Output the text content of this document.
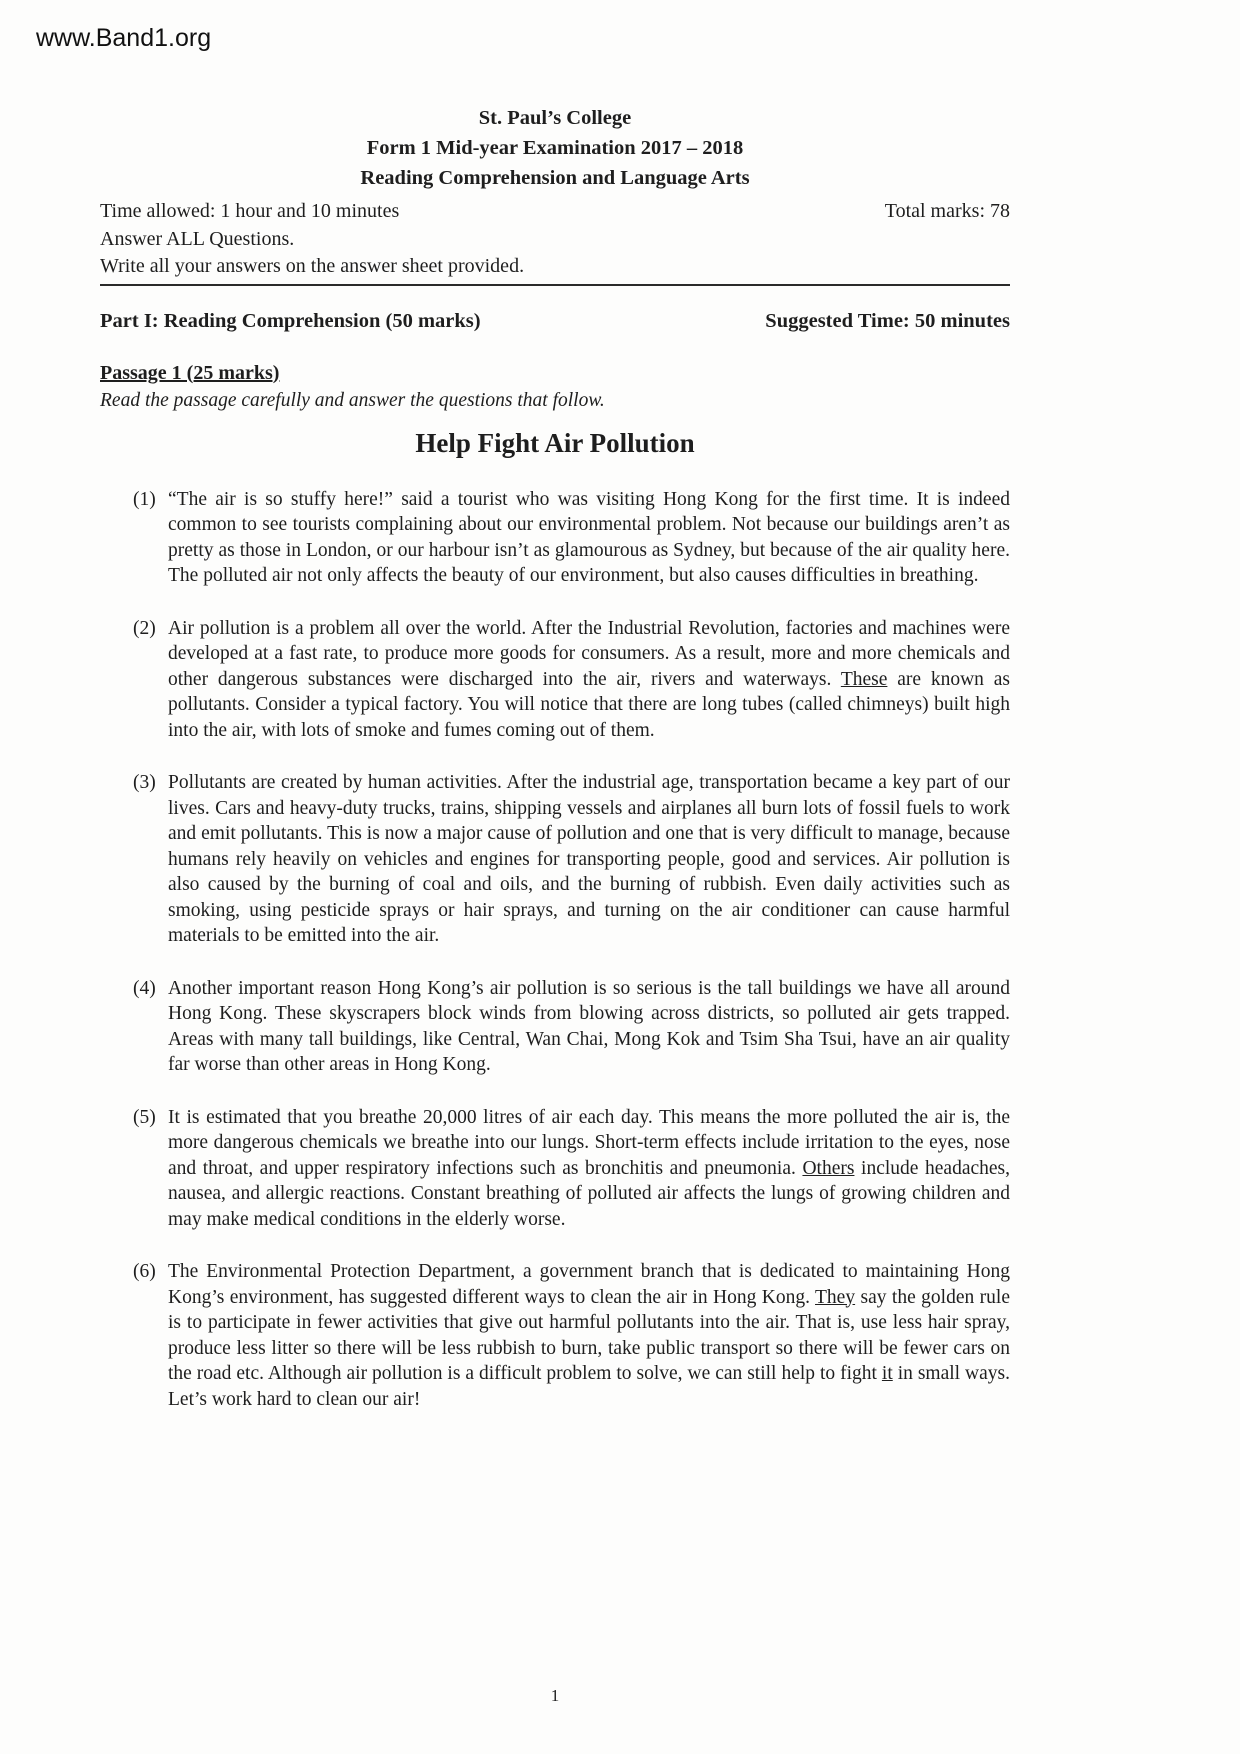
www.Band1.org
St. Paul’s College
Form 1 Mid-year Examination 2017 – 2018
Reading Comprehension and Language Arts
Time allowed: 1 hour and 10 minutes	Total marks: 78
Answer ALL Questions.
Write all your answers on the answer sheet provided.
Part I: Reading Comprehension (50 marks)	Suggested Time: 50 minutes
Passage 1 (25 marks)
Read the passage carefully and answer the questions that follow.
Help Fight Air Pollution
(1) “The air is so stuffy here!” said a tourist who was visiting Hong Kong for the first time. It is indeed common to see tourists complaining about our environmental problem. Not because our buildings aren’t as pretty as those in London, or our harbour isn’t as glamourous as Sydney, but because of the air quality here. The polluted air not only affects the beauty of our environment, but also causes difficulties in breathing.
(2) Air pollution is a problem all over the world. After the Industrial Revolution, factories and machines were developed at a fast rate, to produce more goods for consumers. As a result, more and more chemicals and other dangerous substances were discharged into the air, rivers and waterways. These are known as pollutants. Consider a typical factory. You will notice that there are long tubes (called chimneys) built high into the air, with lots of smoke and fumes coming out of them.
(3) Pollutants are created by human activities. After the industrial age, transportation became a key part of our lives. Cars and heavy-duty trucks, trains, shipping vessels and airplanes all burn lots of fossil fuels to work and emit pollutants. This is now a major cause of pollution and one that is very difficult to manage, because humans rely heavily on vehicles and engines for transporting people, good and services. Air pollution is also caused by the burning of coal and oils, and the burning of rubbish. Even daily activities such as smoking, using pesticide sprays or hair sprays, and turning on the air conditioner can cause harmful materials to be emitted into the air.
(4) Another important reason Hong Kong’s air pollution is so serious is the tall buildings we have all around Hong Kong. These skyscrapers block winds from blowing across districts, so polluted air gets trapped. Areas with many tall buildings, like Central, Wan Chai, Mong Kok and Tsim Sha Tsui, have an air quality far worse than other areas in Hong Kong.
(5) It is estimated that you breathe 20,000 litres of air each day. This means the more polluted the air is, the more dangerous chemicals we breathe into our lungs. Short-term effects include irritation to the eyes, nose and throat, and upper respiratory infections such as bronchitis and pneumonia. Others include headaches, nausea, and allergic reactions. Constant breathing of polluted air affects the lungs of growing children and may make medical conditions in the elderly worse.
(6) The Environmental Protection Department, a government branch that is dedicated to maintaining Hong Kong’s environment, has suggested different ways to clean the air in Hong Kong. They say the golden rule is to participate in fewer activities that give out harmful pollutants into the air. That is, use less hair spray, produce less litter so there will be less rubbish to burn, take public transport so there will be fewer cars on the road etc. Although air pollution is a difficult problem to solve, we can still help to fight it in small ways. Let’s work hard to clean our air!
1
